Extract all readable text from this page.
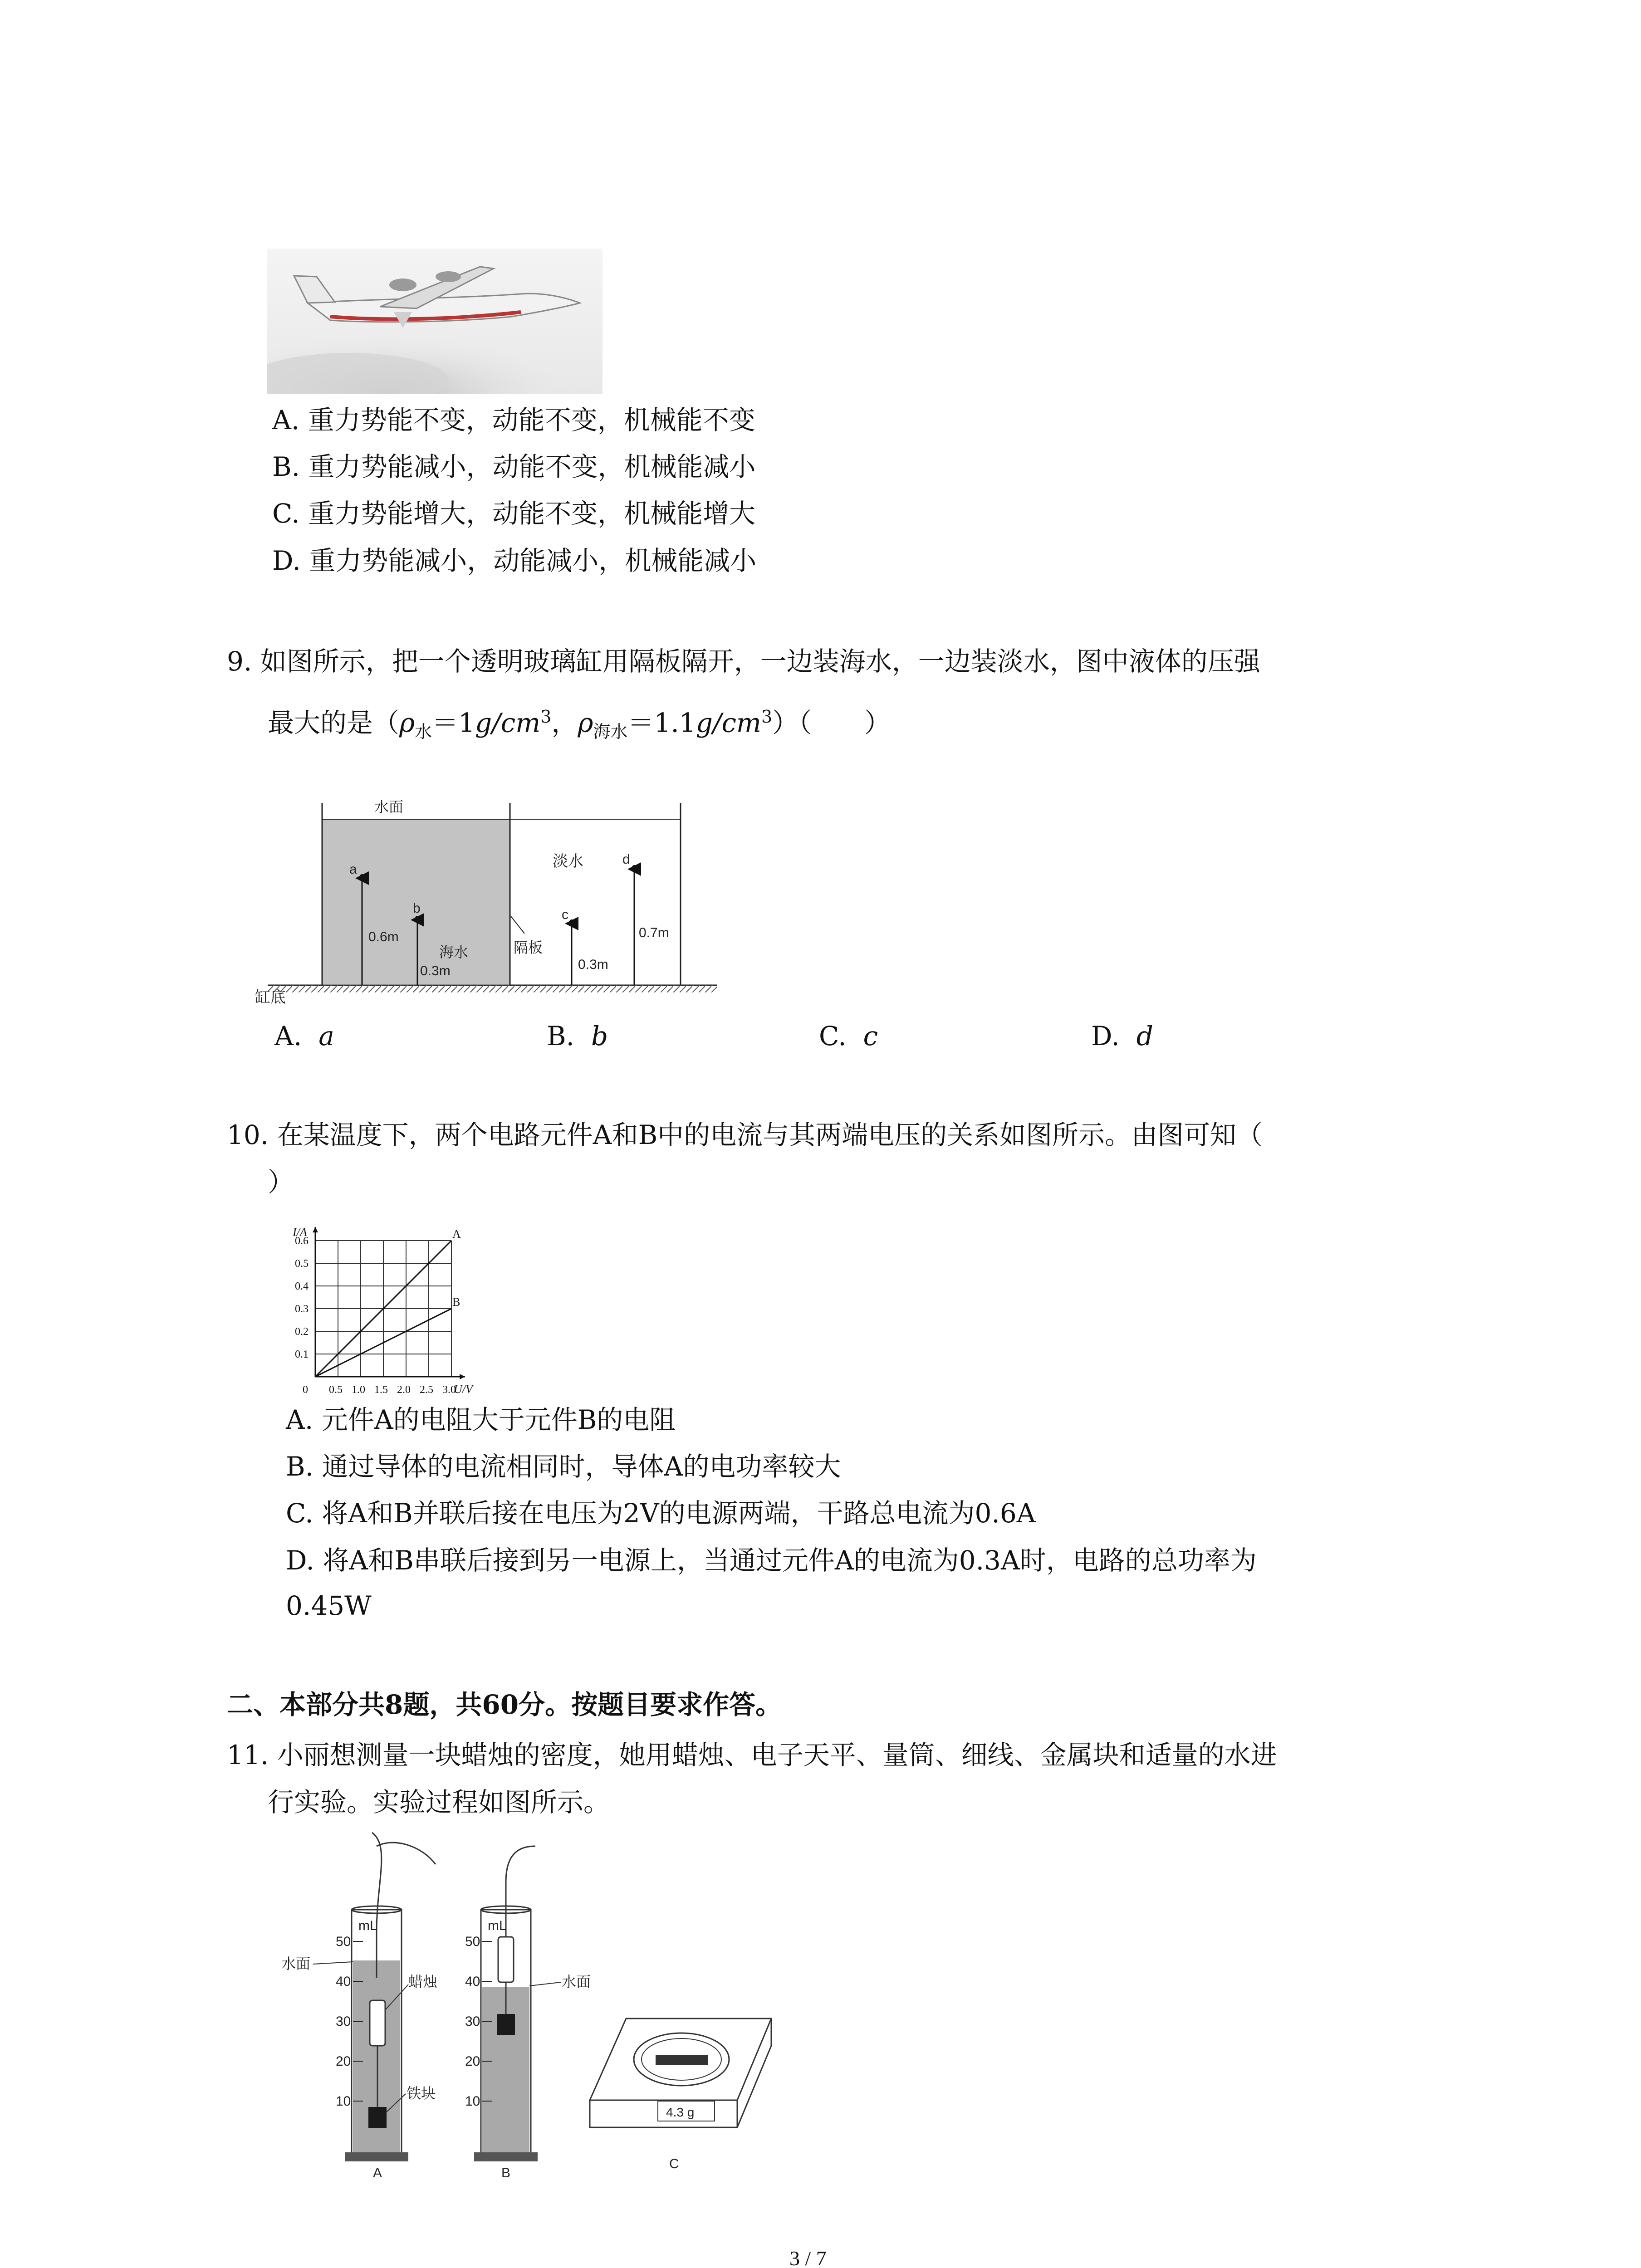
A. 重力势能不变，动能不变，机械能不变
B. 重力势能减小，动能不变，机械能减小
C. 重力势能增大，动能不变，机械能增大
D. 重力势能减小，动能减小，机械能减小
9. 如图所示，把一个透明玻璃缸用隔板隔开，一边装海水，一边装淡水，图中液体的压强
最大的是（$\rho_水=1g/cm^3$，$\rho_{海水}=1.1g/cm^3$）（　　）
水面
淡水
海水	隔板
缸底
a
0.6m
b
0.3m
c
0.3m
d
0.7m
A. a	B. b	C. c	D. d
10. 在某温度下，两个电路元件A和B中的电流与其两端电压的关系如图所示。由图可知（
）
0 0.5 1.0 1.5 2.0 2.5 3.0
0.1
0.2
0.3
0.4
0.5
0.6
U/V
I/A	A
B
A. 元件A的电阻大于元件B的电阻
B. 通过导体的电流相同时，导体A的电功率较大
C. 将A和B并联后接在电压为2V的电源两端，干路总电流为0.6A
D. 将A和B串联后接到另一电源上，当通过元件A的电流为0.3A时，电路的总功率为
0.45W
二、本部分共8题，共60分。按题目要求作答。
11. 小丽想测量一块蜡烛的密度，她用蜡烛、电子天平、量筒、细线、金属块和适量的水进
行实验。实验过程如图所示。
mL
50
40
30
20
10
水面
蜡烛
铁块
A
mL
50
40
30
20
10
水面
B
4.3 g
C
3 / 7
